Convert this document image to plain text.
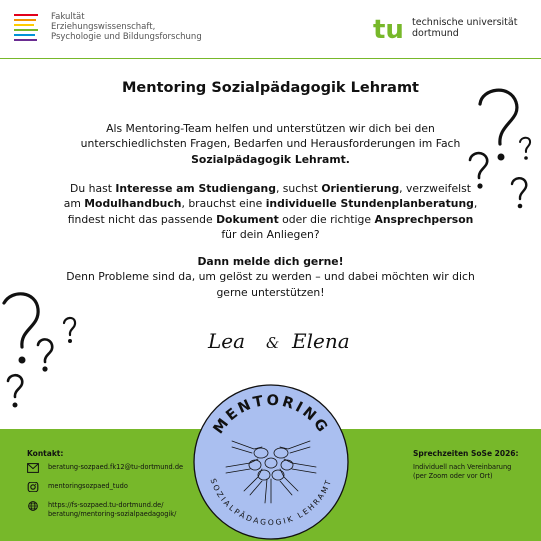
Fakultät
Erziehungswissenschaft,
Psychologie und Bildungsforschung	tu technische universität
dortmund
Mentoring Sozialpädagogik Lehramt
Als Mentoring-Team helfen und unterstützen wir dich bei den unterschiedlichsten Fragen, Bedarfen und Herausforderungen im Fach Sozialpädagogik Lehramt.
Du hast Interesse am Studiengang, suchst Orientierung, verzweifelst am Modulhandbuch, brauchst eine individuelle Stundenplanberatung, findest nicht das passende Dokument oder die richtige Ansprechperson für dein Anliegen?
Dann melde dich gerne!
Denn Probleme sind da, um gelöst zu werden – und dabei möchten wir dich gerne unterstützen!
Lea & Elena
Kontakt:
beratung-sozpaed.fk12@tu-dortmund.de
mentoringsozpaed_tudo
https://fs-sozpaed.tu-dortmund.de/
beratung/mentoring-sozialpaedagogik/
Sprechzeiten SoSe 2026:
Individuell nach Vereinbarung
(per Zoom oder vor Ort)
MENTORING
SOZIALPÄDAGOGIK LEHRAMT
